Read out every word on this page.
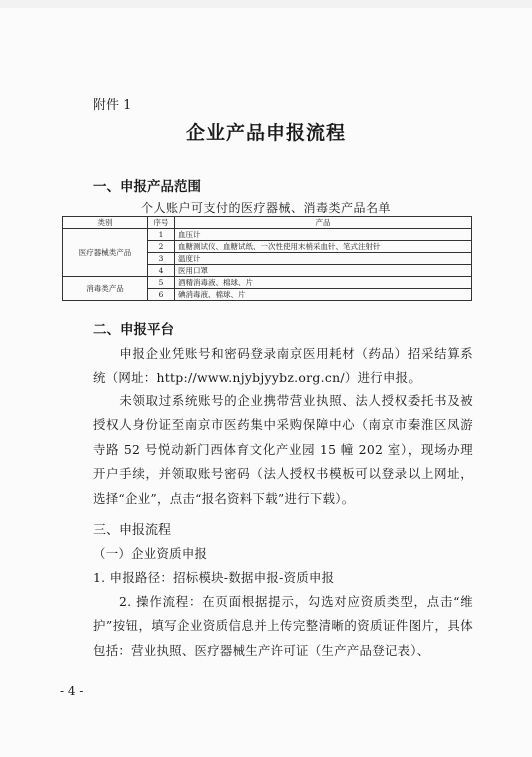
附件 1
企业产品申报流程
一、申报产品范围
个人账户可支付的医疗器械、消毒类产品名单
类别	序号	产品
医疗器械类产品	1	血压计
	2	血糖测试仪、血糖试纸、一次性使用末梢采血针、笔式注射针
	3	温度计
	4	医用口罩
消毒类产品	5	酒精消毒液、棉球、片
	6	碘消毒液、棉球、片
二、申报平台
申报企业凭账号和密码登录南京医用耗材（药品）招采结算系统（网址：http://www.njybjyybz.org.cn/）进行申报。
未领取过系统账号的企业携带营业执照、法人授权委托书及被授权人身份证至南京市医药集中采购保障中心（南京市秦淮区凤游寺路 52 号悦动新门西体育文化产业园 15 幢 202 室），现场办理开户手续，并领取账号密码（法人授权书模板可以登录以上网址，选择“企业”，点击“报名资料下载”进行下载）。
三、申报流程
（一）企业资质申报
1. 申报路径：招标模块-数据申报-资质申报
2. 操作流程：在页面根据提示，勾选对应资质类型，点击“维护”按钮，填写企业资质信息并上传完整清晰的资质证件图片，具体包括：营业执照、医疗器械生产许可证（生产产品登记表）、
- 4 -
